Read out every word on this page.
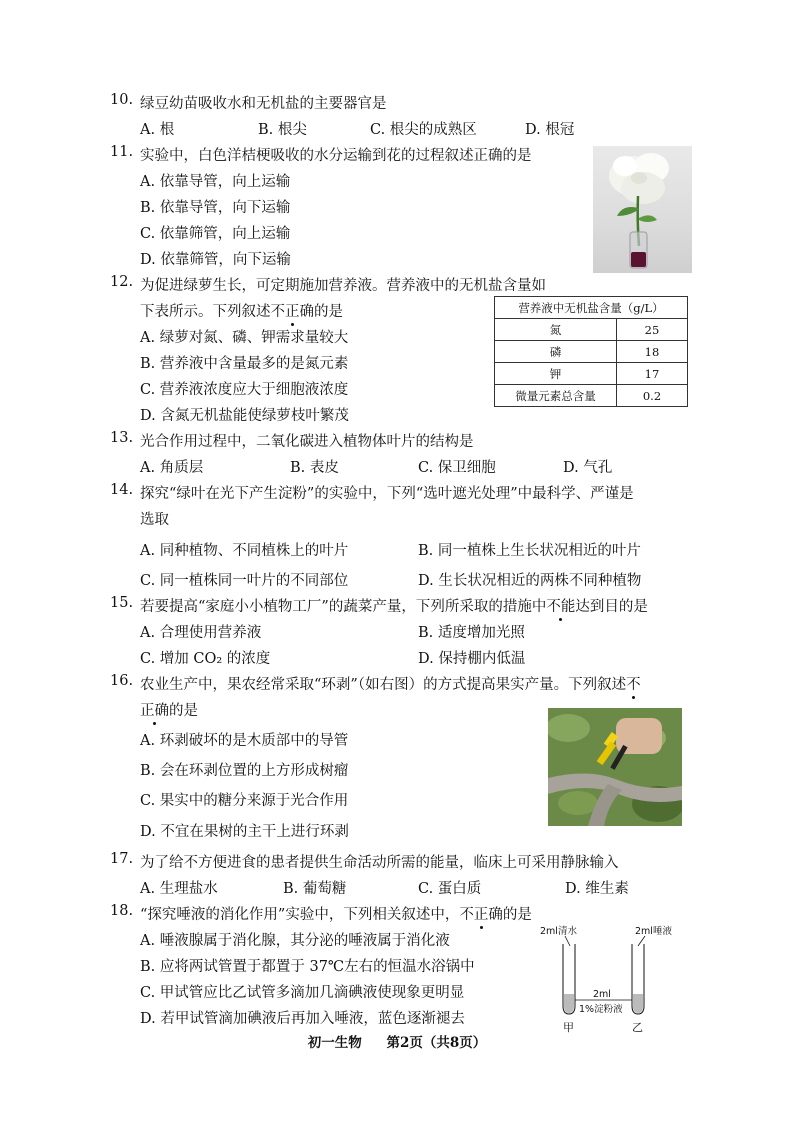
10. 绿豆幼苗吸收水和无机盐的主要器官是
A. 根	B. 根尖	C. 根尖的成熟区	D. 根冠
11. 实验中，白色洋桔梗吸收的水分运输到花的过程叙述正确的是
A. 依靠导管，向上运输
B. 依靠导管，向下运输
C. 依靠筛管，向上运输
D. 依靠筛管，向下运输
12. 为促进绿萝生长，可定期施加营养液。营养液中的无机盐含量如
下表所示。下列叙述不正确的是
A. 绿萝对氮、磷、钾需求量较大
B. 营养液中含量最多的是氮元素
C. 营养液浓度应大于细胞液浓度
D. 含氮无机盐能使绿萝枝叶繁茂
营养液中无机盐含量（g/L）	
氮	25
磷	18
钾	17
微量元素总含量	0.2
13. 光合作用过程中，二氧化碳进入植物体叶片的结构是
A. 角质层	B. 表皮	C. 保卫细胞	D. 气孔
14. 探究“绿叶在光下产生淀粉”的实验中，下列“选叶遮光处理”中最科学、严谨是
选取
A. 同种植物、不同植株上的叶片	B. 同一植株上生长状况相近的叶片
C. 同一植株同一叶片的不同部位	D. 生长状况相近的两株不同种植物
15. 若要提高“家庭小小植物工厂”的蔬菜产量，下列所采取的措施中不能达到目的是
A. 合理使用营养液	B. 适度增加光照
C. 增加 CO₂ 的浓度	D. 保持棚内低温
16. 农业生产中，果农经常采取“环剥”（如右图）的方式提高果实产量。下列叙述不
正确的是
A. 环剥破坏的是木质部中的导管
B. 会在环剥位置的上方形成树瘤
C. 果实中的糖分来源于光合作用
D. 不宜在果树的主干上进行环剥
17. 为了给不方便进食的患者提供生命活动所需的能量，临床上可采用静脉输入
A. 生理盐水	B. 葡萄糖	C. 蛋白质	D. 维生素
18. “探究唾液的消化作用”实验中，下列相关叙述中，不正确的是
A. 唾液腺属于消化腺，其分泌的唾液属于消化液
B. 应将两试管置于都置于 37℃左右的恒温水浴锅中
C. 甲试管应比乙试管多滴加几滴碘液使现象更明显
D. 若甲试管滴加碘液后再加入唾液，蓝色逐渐褪去
2ml清水	2ml唾液
2ml
1%淀粉液
甲	乙
初一生物 第2页（共8页）
